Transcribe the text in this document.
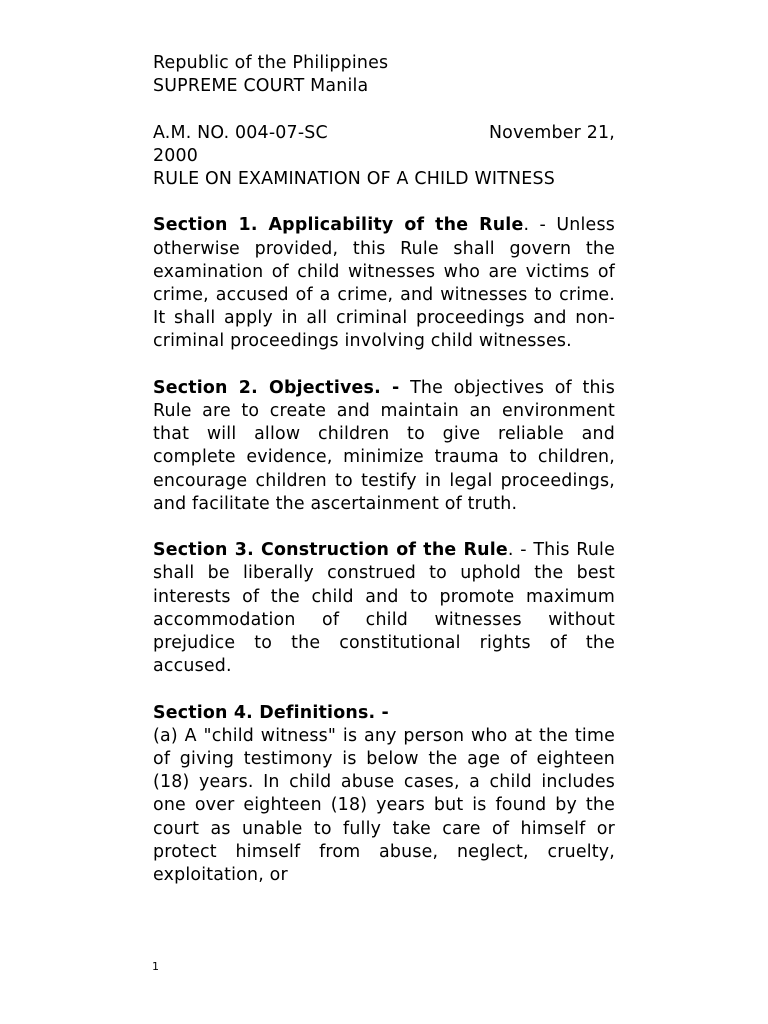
Republic of the Philippines
SUPREME COURT Manila
A.M. NO. 004-07-SC	November 21,
2000
RULE ON EXAMINATION OF A CHILD WITNESS
Section 1. Applicability of the Rule. - Unless otherwise provided, this Rule shall govern the examination of child witnesses who are victims of crime, accused of a crime, and witnesses to crime. It shall apply in all criminal proceedings and non-criminal proceedings involving child witnesses.
Section 2. Objectives. - The objectives of this Rule are to create and maintain an environment that will allow children to give reliable and complete evidence, minimize trauma to children, encourage children to testify in legal proceedings, and facilitate the ascertainment of truth.
Section 3. Construction of the Rule. - This Rule shall be liberally construed to uphold the best interests of the child and to promote maximum accommodation of child witnesses without prejudice to the constitutional rights of the accused.
Section 4. Definitions. -
(a) A "child witness" is any person who at the time of giving testimony is below the age of eighteen (18) years. In child abuse cases, a child includes one over eighteen (18) years but is found by the court as unable to fully take care of himself or protect himself from abuse, neglect, cruelty, exploitation, or
1
